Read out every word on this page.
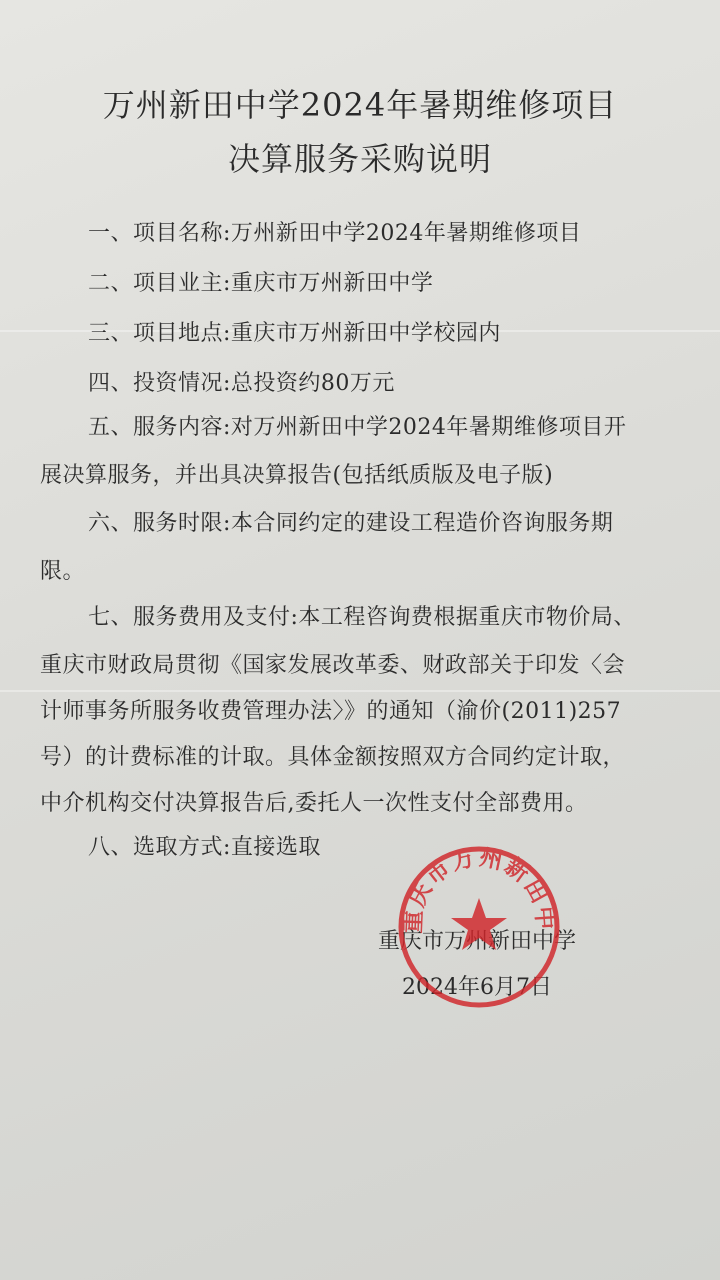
万州新田中学2024年暑期维修项目
决算服务采购说明
一、项目名称:万州新田中学2024年暑期维修项目
二、项目业主:重庆市万州新田中学
三、项目地点:重庆市万州新田中学校园内
四、投资情况:总投资约80万元
五、服务内容:对万州新田中学2024年暑期维修项目开
展决算服务，并出具决算报告(包括纸质版及电子版)
六、服务时限:本合同约定的建设工程造价咨询服务期
限。
七、服务费用及支付:本工程咨询费根据重庆市物价局、
重庆市财政局贯彻《国家发展改革委、财政部关于印发〈会
计师事务所服务收费管理办法〉》的通知（渝价(2011)257
号）的计费标准的计取。具体金额按照双方合同约定计取，
中介机构交付决算报告后,委托人一次性支付全部费用。
八、选取方式:直接选取
重庆市万州新田中学
2024年6月7日
重庆市万州新田中
